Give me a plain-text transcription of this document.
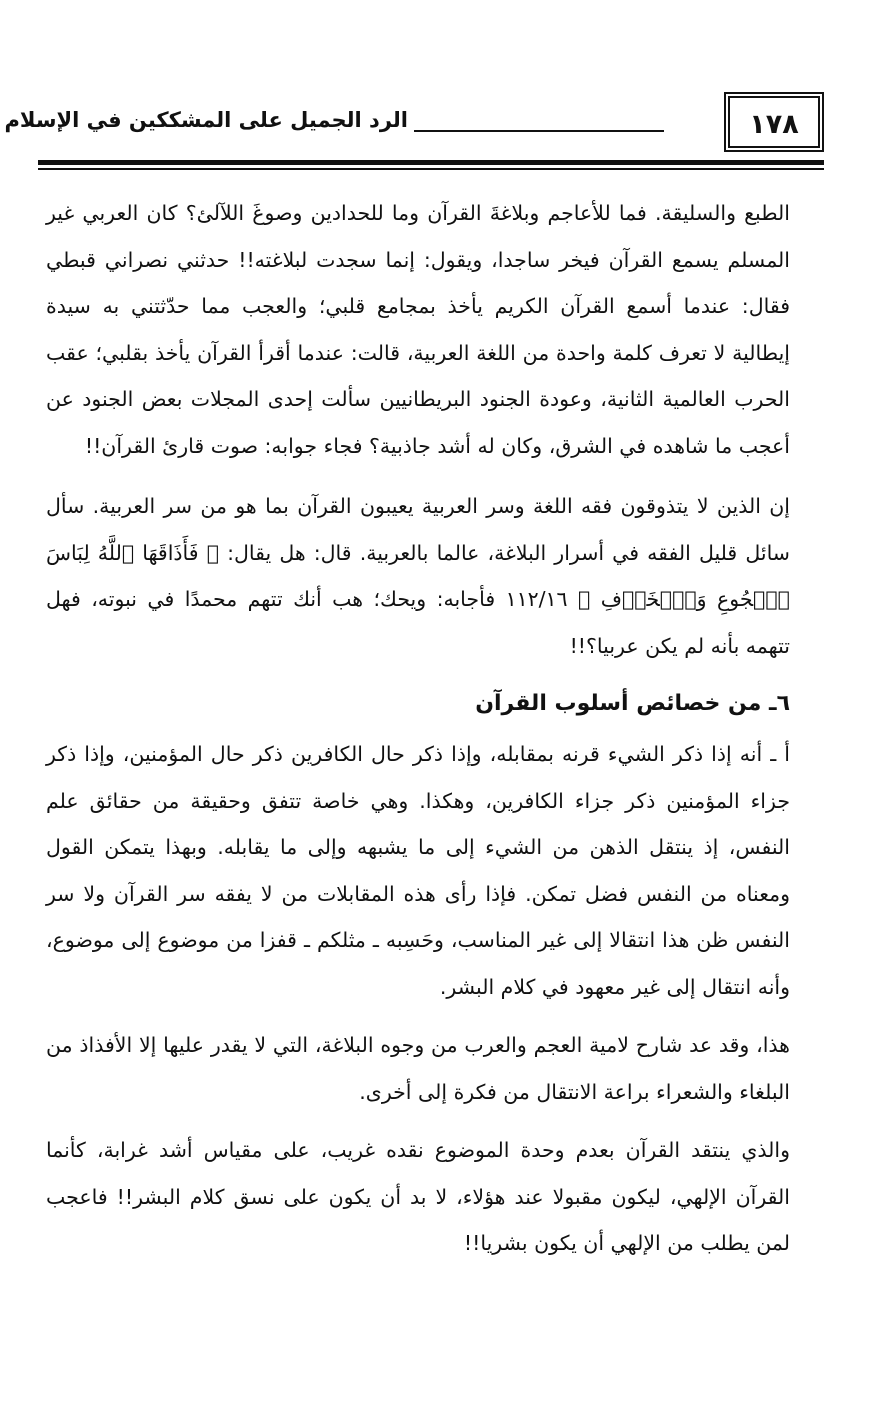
١٧٨
الرد الجميل على المشككين في الإسلام

الطبع والسليقة. فما للأعاجم وبلاغةَ القرآن وما للحدادين وصوغَ اللآلئ؟ كان العربي غير المسلم يسمع القرآن فيخر ساجدا، ويقول: إنما سجدت لبلاغته!! حدثني نصراني قبطي فقال: عندما أسمع القرآن الكريم يأخذ بمجامع قلبي؛ والعجب مما حدّثتني به سيدة إيطالية لا تعرف كلمة واحدة من اللغة العربية، قالت: عندما أقرأ القرآن يأخذ بقلبي؛ عقب الحرب العالمية الثانية، وعودة الجنود البريطانيين سألت إحدى المجلات بعض الجنود عن أعجب ما شاهده في الشرق، وكان له أشد جاذبية؟ فجاء جوابه: صوت قارئ القرآن!!

إن الذين لا يتذوقون فقه اللغة وسر العربية يعيبون القرآن بما هو من سر العربية. سأل سائل قليل الفقه في أسرار البلاغة، عالما بالعربية. قال: هل يقال: ﴿ فَأَذَاقَهَا ٱللَّهُ لِبَاسَ ٱلۡجُوعِ وَٱلۡخَوۡفِ ﴾ ١١٢/١٦ فأجابه: ويحك؛ هب أنك تتهم محمدًا في نبوته، فهل تتهمه بأنه لم يكن عربيا؟!!

٦ـ من خصائص أسلوب القرآن

أ ـ أنه إذا ذكر الشيء قرنه بمقابله، وإذا ذكر حال الكافرين ذكر حال المؤمنين، وإذا ذكر جزاء المؤمنين ذكر جزاء الكافرين، وهكذا. وهي خاصة تتفق وحقيقة من حقائق علم النفس، إذ ينتقل الذهن من الشيء إلى ما يشبهه وإلى ما يقابله. وبهذا يتمكن القول ومعناه من النفس فضل تمكن. فإذا رأى هذه المقابلات من لا يفقه سر القرآن ولا سر النفس ظن هذا انتقالا إلى غير المناسب، وحَسِبه ـ مثلكم ـ قفزا من موضوع إلى موضوع، وأنه انتقال إلى غير معهود في كلام البشر.

هذا، وقد عد شارح لامية العجم والعرب من وجوه البلاغة، التي لا يقدر عليها إلا الأفذاذ من البلغاء والشعراء براعة الانتقال من فكرة إلى أخرى.

والذي ينتقد القرآن بعدم وحدة الموضوع نقده غريب، على مقياس أشد غرابة، كأنما القرآن الإلهي، ليكون مقبولا عند هؤلاء، لا بد أن يكون على نسق كلام البشر!! فاعجب لمن يطلب من الإلهي أن يكون بشريا!!
